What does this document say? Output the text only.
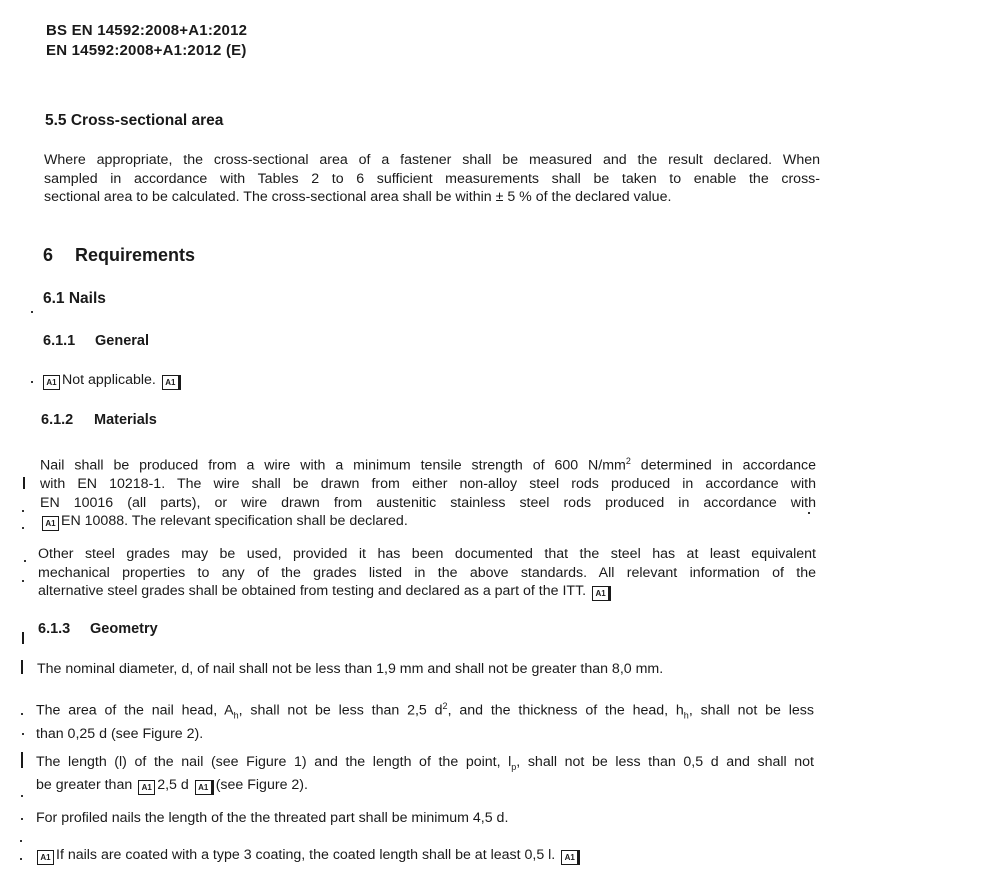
BS EN 14592:2008+A1:2012
EN 14592:2008+A1:2012 (E)
5.5 Cross-sectional area
Where appropriate, the cross-sectional area of a fastener shall be measured and the result declared. When
sampled in accordance with Tables 2 to 6 sufficient measurements shall be taken to enable the cross-
sectional area to be calculated. The cross-sectional area shall be within ± 5 % of the declared value.
6 Requirements
6.1 Nails
6.1.1 General
A1 Not applicable. A1
6.1.2 Materials
Nail shall be produced from a wire with a minimum tensile strength of 600 $N/mm^2$ determined in accordance
with EN 10218-1. The wire shall be drawn from either non-alloy steel rods produced in accordance with
EN 10016 (all parts), or wire drawn from austenitic stainless steel rods produced in accordance with
A1 EN 10088. The relevant specification shall be declared.
Other steel grades may be used, provided it has been documented that the steel has at least equivalent
mechanical properties to any of the grades listed in the above standards. All relevant information of the
alternative steel grades shall be obtained from testing and declared as a part of the ITT. A1
6.1.3 Geometry
The nominal diameter, d, of nail shall not be less than 1,9 mm and shall not be greater than 8,0 mm.
The area of the nail head, $A_h$, shall not be less than 2,5 $d^2$, and the thickness of the head, $h_h$, shall not be less
than 0,25 d (see Figure 2).
The length (l) of the nail (see Figure 1) and the length of the point, $l_p$, shall not be less than 0,5 d and shall not
be greater than A1 2,5 d A1 (see Figure 2).
For profiled nails the length of the the threated part shall be minimum 4,5 d.
A1 If nails are coated with a type 3 coating, the coated length shall be at least 0,5 l. A1
